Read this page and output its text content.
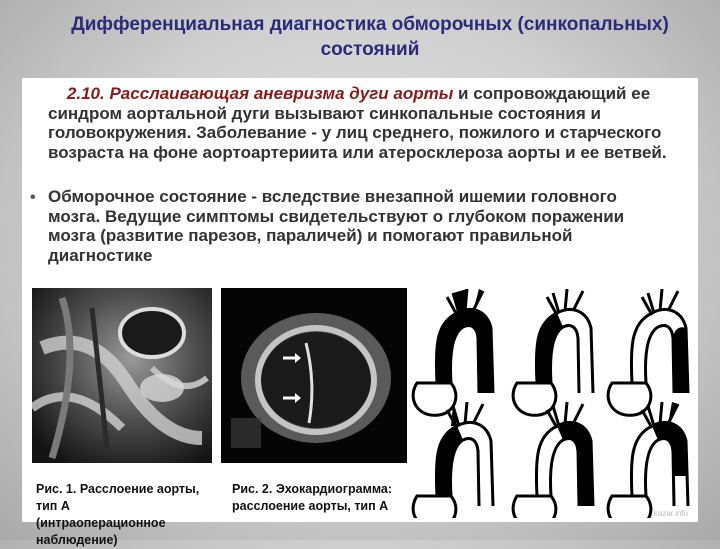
Дифференциальная диагностика обморочных (синкопальных)
состояний
2.10. Расслаивающая аневризма дуги аорты и сопровождающий ее синдром аортальной дуги вызывают синкопальные состояния и головокружения. Заболевание - у лиц среднего, пожилого и старческого возраста на фоне аортоартериита или атеросклероза аорты и ее ветвей.
• Обморочное состояние - вследствие внезапной ишемии головного мозга. Ведущие симптомы свидетельствуют о глубоком поражении мозга (развитие парезов, параличей) и помогают правильной диагностике
Рис. 1. Расслоение аорты, тип А
(интраоперационное наблюдение)
Рис. 2. Эхокардиограмма:
расслоение аорты, тип А
kazar.info
